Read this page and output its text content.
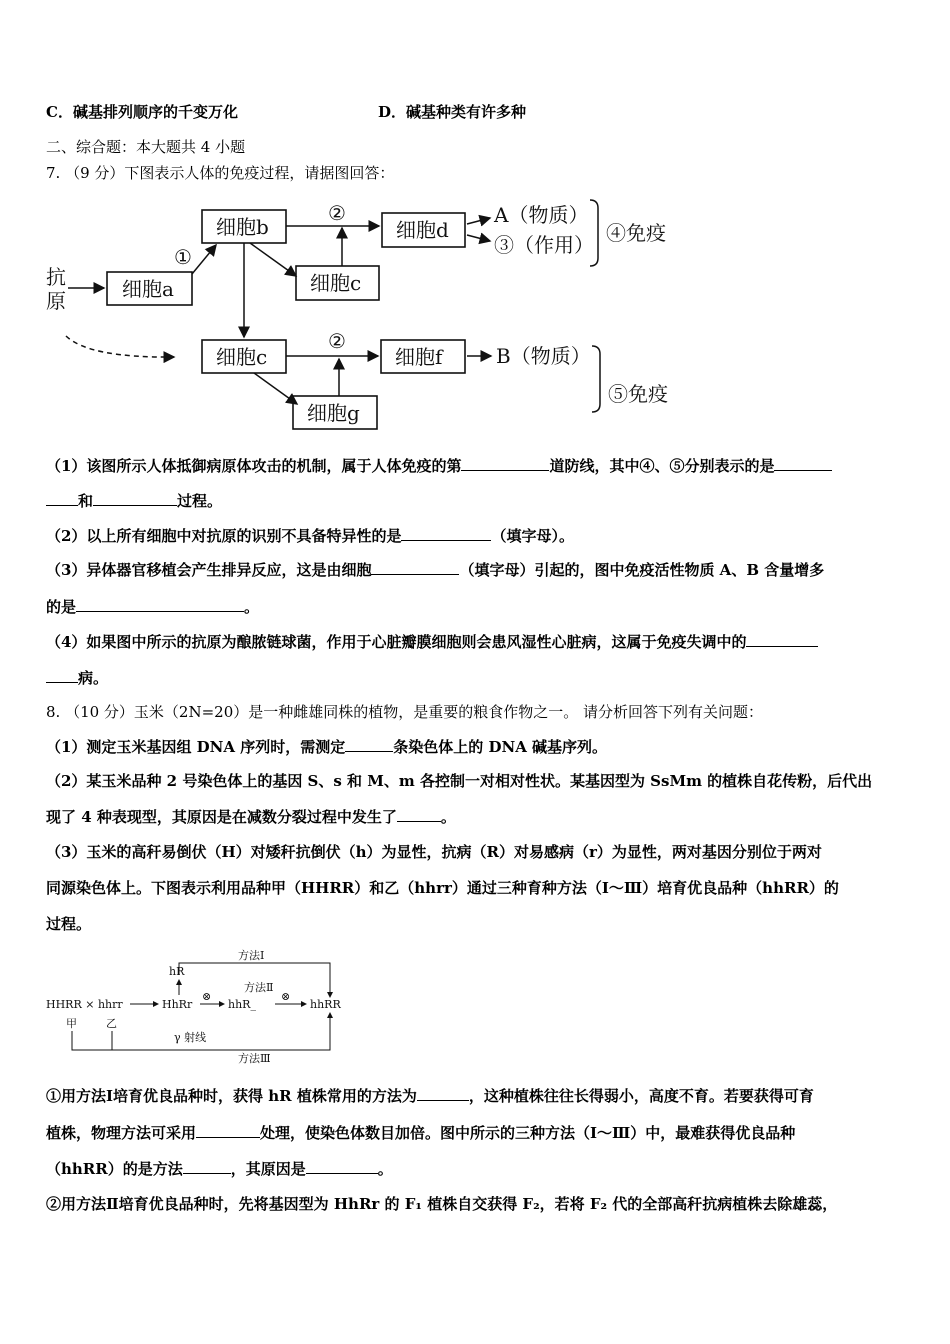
C．碱基排列顺序的千变万化	D．碱基种类有许多种
二、综合题：本大题共 4 小题
7. （9 分）下图表示人体的免疫过程，请据图回答：
抗
原	细胞a
细胞b
细胞c
细胞d
细胞c	细胞f
细胞g
①
②
②
A（物质）
③（作用）
B（物质）
④免疫
⑤免疫
（1）该图所示人体抵御病原体攻击的机制，属于人体免疫的第	道防线，其中④、⑤分别表示的是
和	过程。
（2）以上所有细胞中对抗原的识别不具备特异性的是	（填字母）。
（3）异体器官移植会产生排异反应，这是由细胞	（填字母）引起的，图中免疫活性物质 A、B 含量增多
的是	。
（4）如果图中所示的抗原为酿脓链球菌，作用于心脏瓣膜细胞则会患风湿性心脏病，这属于免疫失调中的
病。
8. （10 分）玉米（2N=20）是一种雌雄同株的植物，是重要的粮食作物之一。 请分析回答下列有关问题：
（1）测定玉米基因组 DNA 序列时，需测定	条染色体上的 DNA 碱基序列。
（2）某玉米品种 2 号染色体上的基因 S、s 和 M、m 各控制一对相对性状。某基因型为 SsMm 的植株自花传粉，后代出
现了 4 种表现型，其原因是在减数分裂过程中发生了	。
（3）玉米的高秆易倒伏（H）对矮秆抗倒伏（h）为显性，抗病（R）对易感病（r）为显性，两对基因分别位于两对
同源染色体上。下图表示利用品种甲（HHRR）和乙（hhrr）通过三种育种方法（Ⅰ～Ⅲ）培育优良品种（hhRR）的
过程。
方法Ⅰ
hR
方法Ⅱ
HHRR × hhrr	HhRr
⊗
hhR_
⊗
hhRR
甲	乙
γ 射线
方法Ⅲ
①用方法Ⅰ培育优良品种时，获得 hR 植株常用的方法为	，这种植株往往长得弱小，高度不育。若要获得可育
植株，物理方法可采用	处理，使染色体数目加倍。图中所示的三种方法（Ⅰ～Ⅲ）中，最难获得优良品种
（hhRR）的是方法	，其原因是	。
②用方法Ⅱ培育优良品种时，先将基因型为 HhRr 的 F₁ 植株自交获得 F₂，若将 F₂ 代的全部高秆抗病植株去除雄蕊，
